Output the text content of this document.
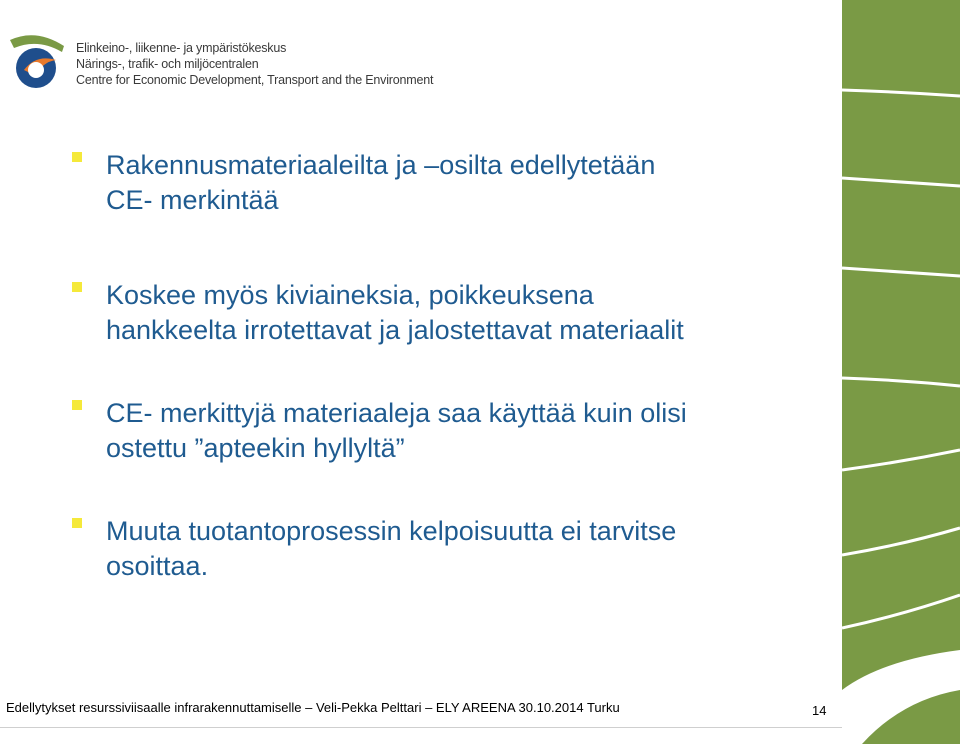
Elinkeino-, liikenne- ja ympäristökeskus
Närings-, trafik- och miljöcentralen
Centre for Economic Development, Transport and the Environment
Rakennusmateriaaleilta ja –osilta edellytetään
CE- merkintää
Koskee myös kiviaineksia, poikkeuksena
hankkeelta irrotettavat ja jalostettavat materiaalit
CE- merkittyjä materiaaleja saa käyttää kuin olisi
ostettu ”apteekin hyllyltä”
Muuta tuotantoprosessin kelpoisuutta ei tarvitse
osoittaa.
Edellytykset resurssiviisaalle infrarakennuttamiselle – Veli-Pekka Pelttari – ELY AREENA 30.10.2014 Turku	14
